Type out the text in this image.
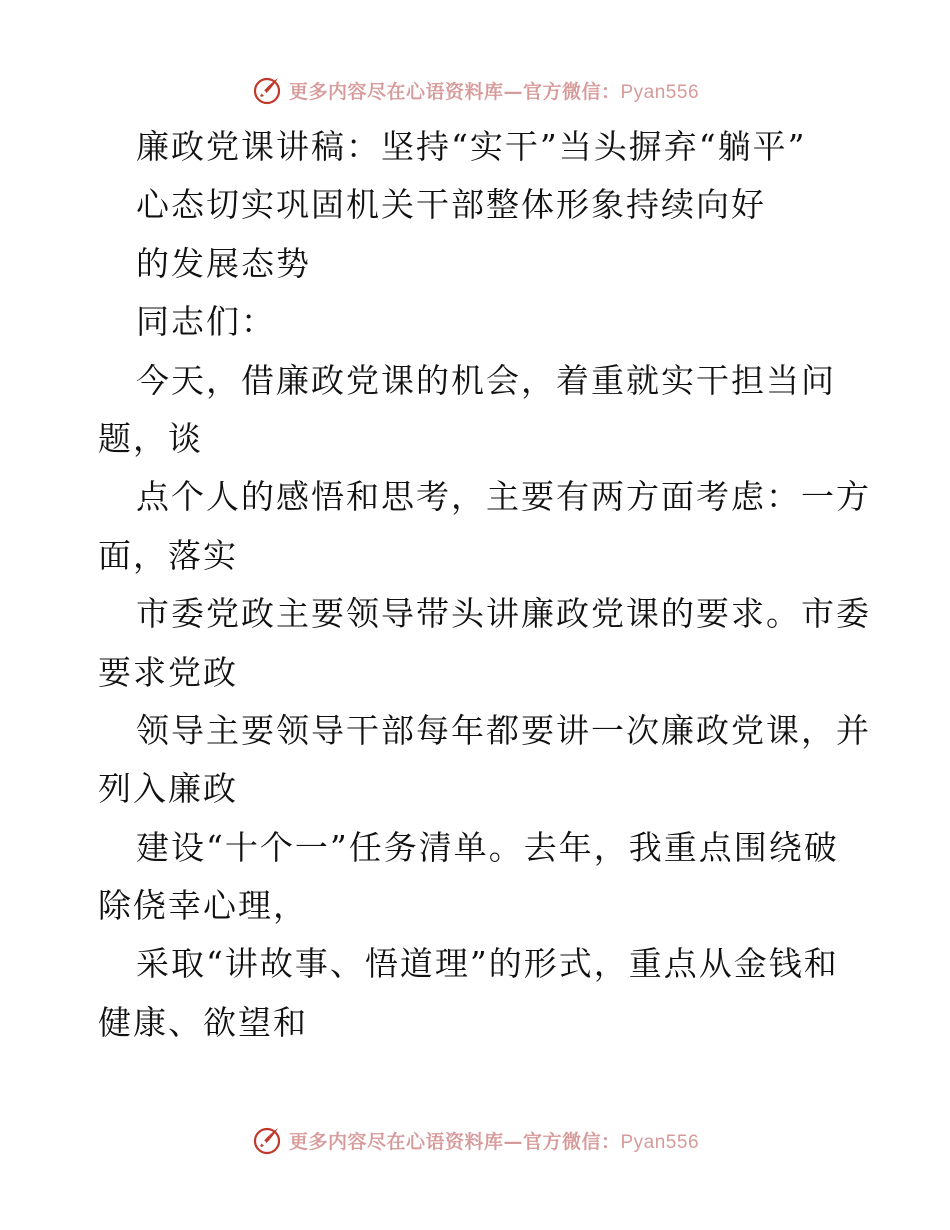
更多内容尽在心语资料库—官方微信：Pyan556
廉政党课讲稿：坚持“实干”当头摒弃“躺平”
心态切实巩固机关干部整体形象持续向好
的发展态势
同志们：
今天，借廉政党课的机会，着重就实干担当问
题，谈
点个人的感悟和思考，主要有两方面考虑：一方
面，落实
市委党政主要领导带头讲廉政党课的要求。市委
要求党政
领导主要领导干部每年都要讲一次廉政党课，并
列入廉政
建设“十个一”任务清单。去年，我重点围绕破
除侥幸心理，
采取“讲故事、悟道理”的形式，重点从金钱和
健康、欲望和
更多内容尽在心语资料库—官方微信：Pyan556
